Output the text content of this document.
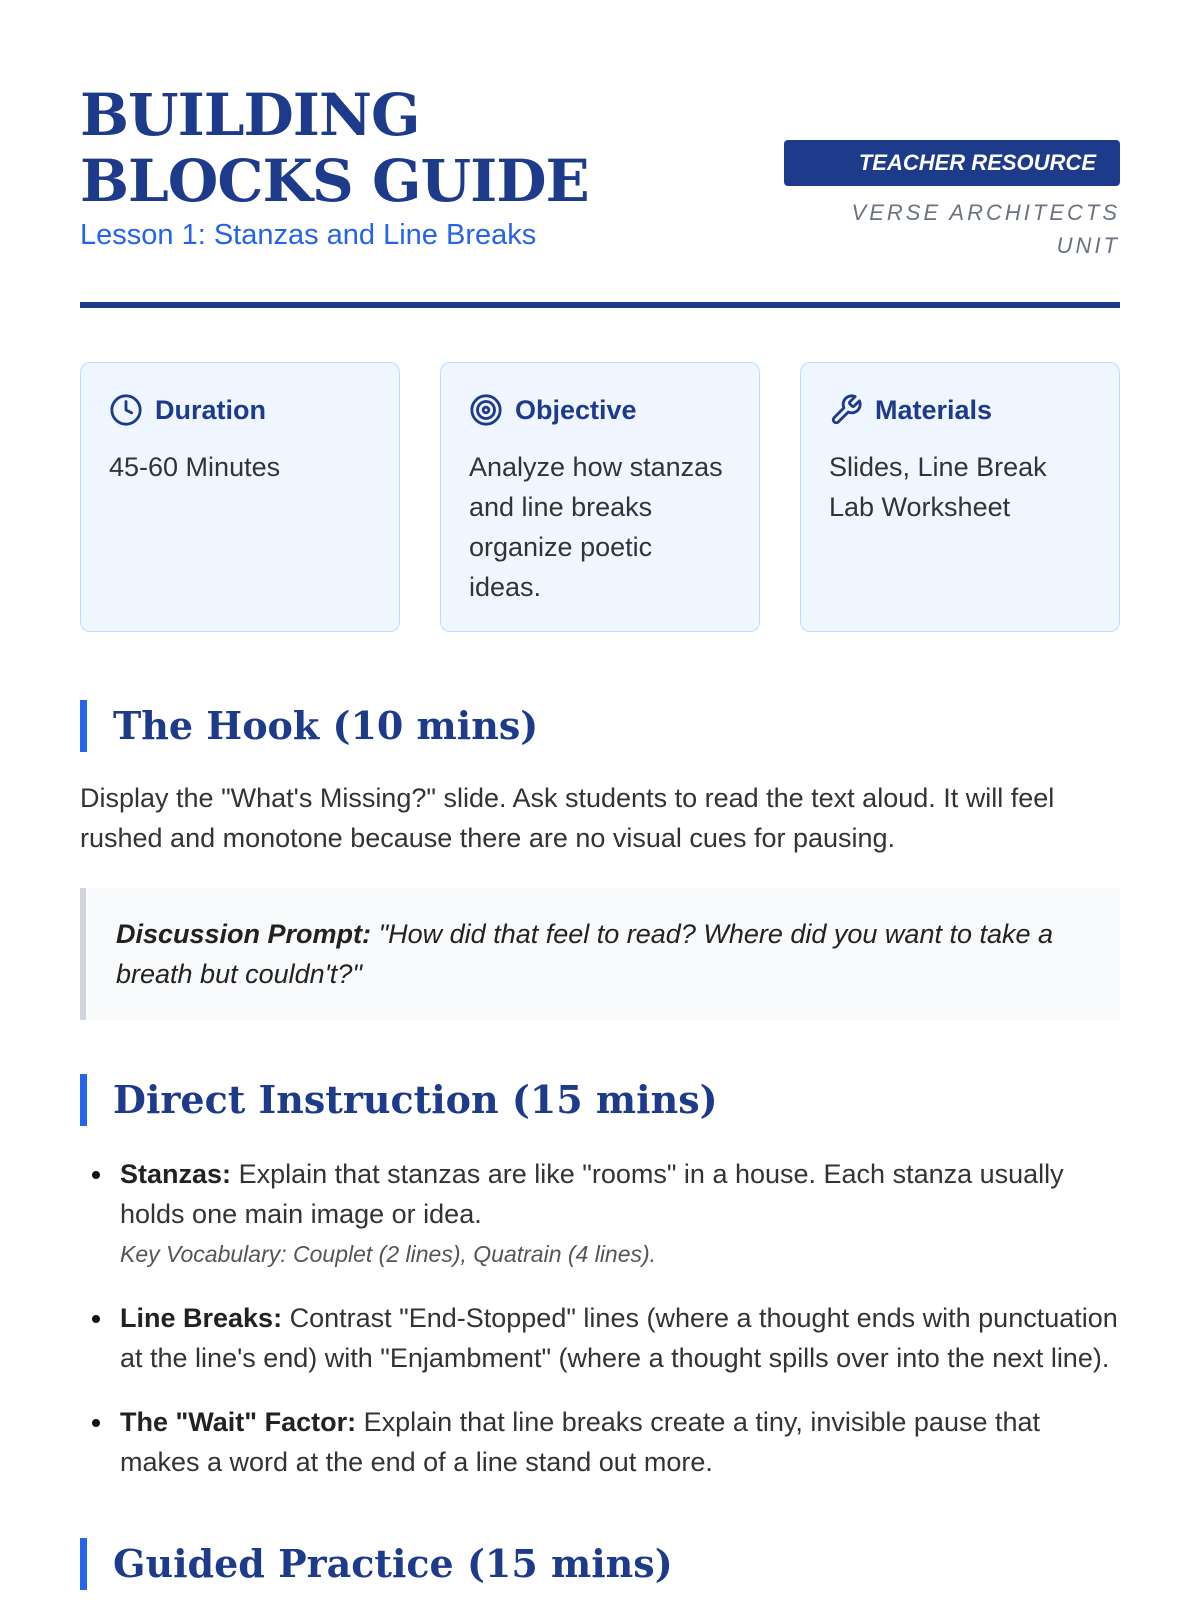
BUILDING BLOCKS GUIDE
Lesson 1: Stanzas and Line Breaks
TEACHER RESOURCE
VERSE ARCHITECTS UNIT
Duration
45-60 Minutes
Objective
Analyze how stanzas and line breaks organize poetic ideas.
Materials
Slides, Line Break Lab Worksheet
The Hook (10 mins)

Display the "What's Missing?" slide. Ask students to read the text aloud. It will feel rushed and monotone because there are no visual cues for pausing.

Discussion Prompt: "How did that feel to read? Where did you want to take a breath but couldn't?"
Direct Instruction (15 mins)
Stanzas: Explain that stanzas are like "rooms" in a house. Each stanza usually holds one main image or idea.
Key Vocabulary: Couplet (2 lines), Quatrain (4 lines).
Line Breaks: Contrast "End-Stopped" lines (where a thought ends with punctuation at the line's end) with "Enjambment" (where a thought spills over into the next line).
The "Wait" Factor: Explain that line breaks create a tiny, invisible pause that makes a word at the end of a line stand out more.
Guided Practice (15 mins)
